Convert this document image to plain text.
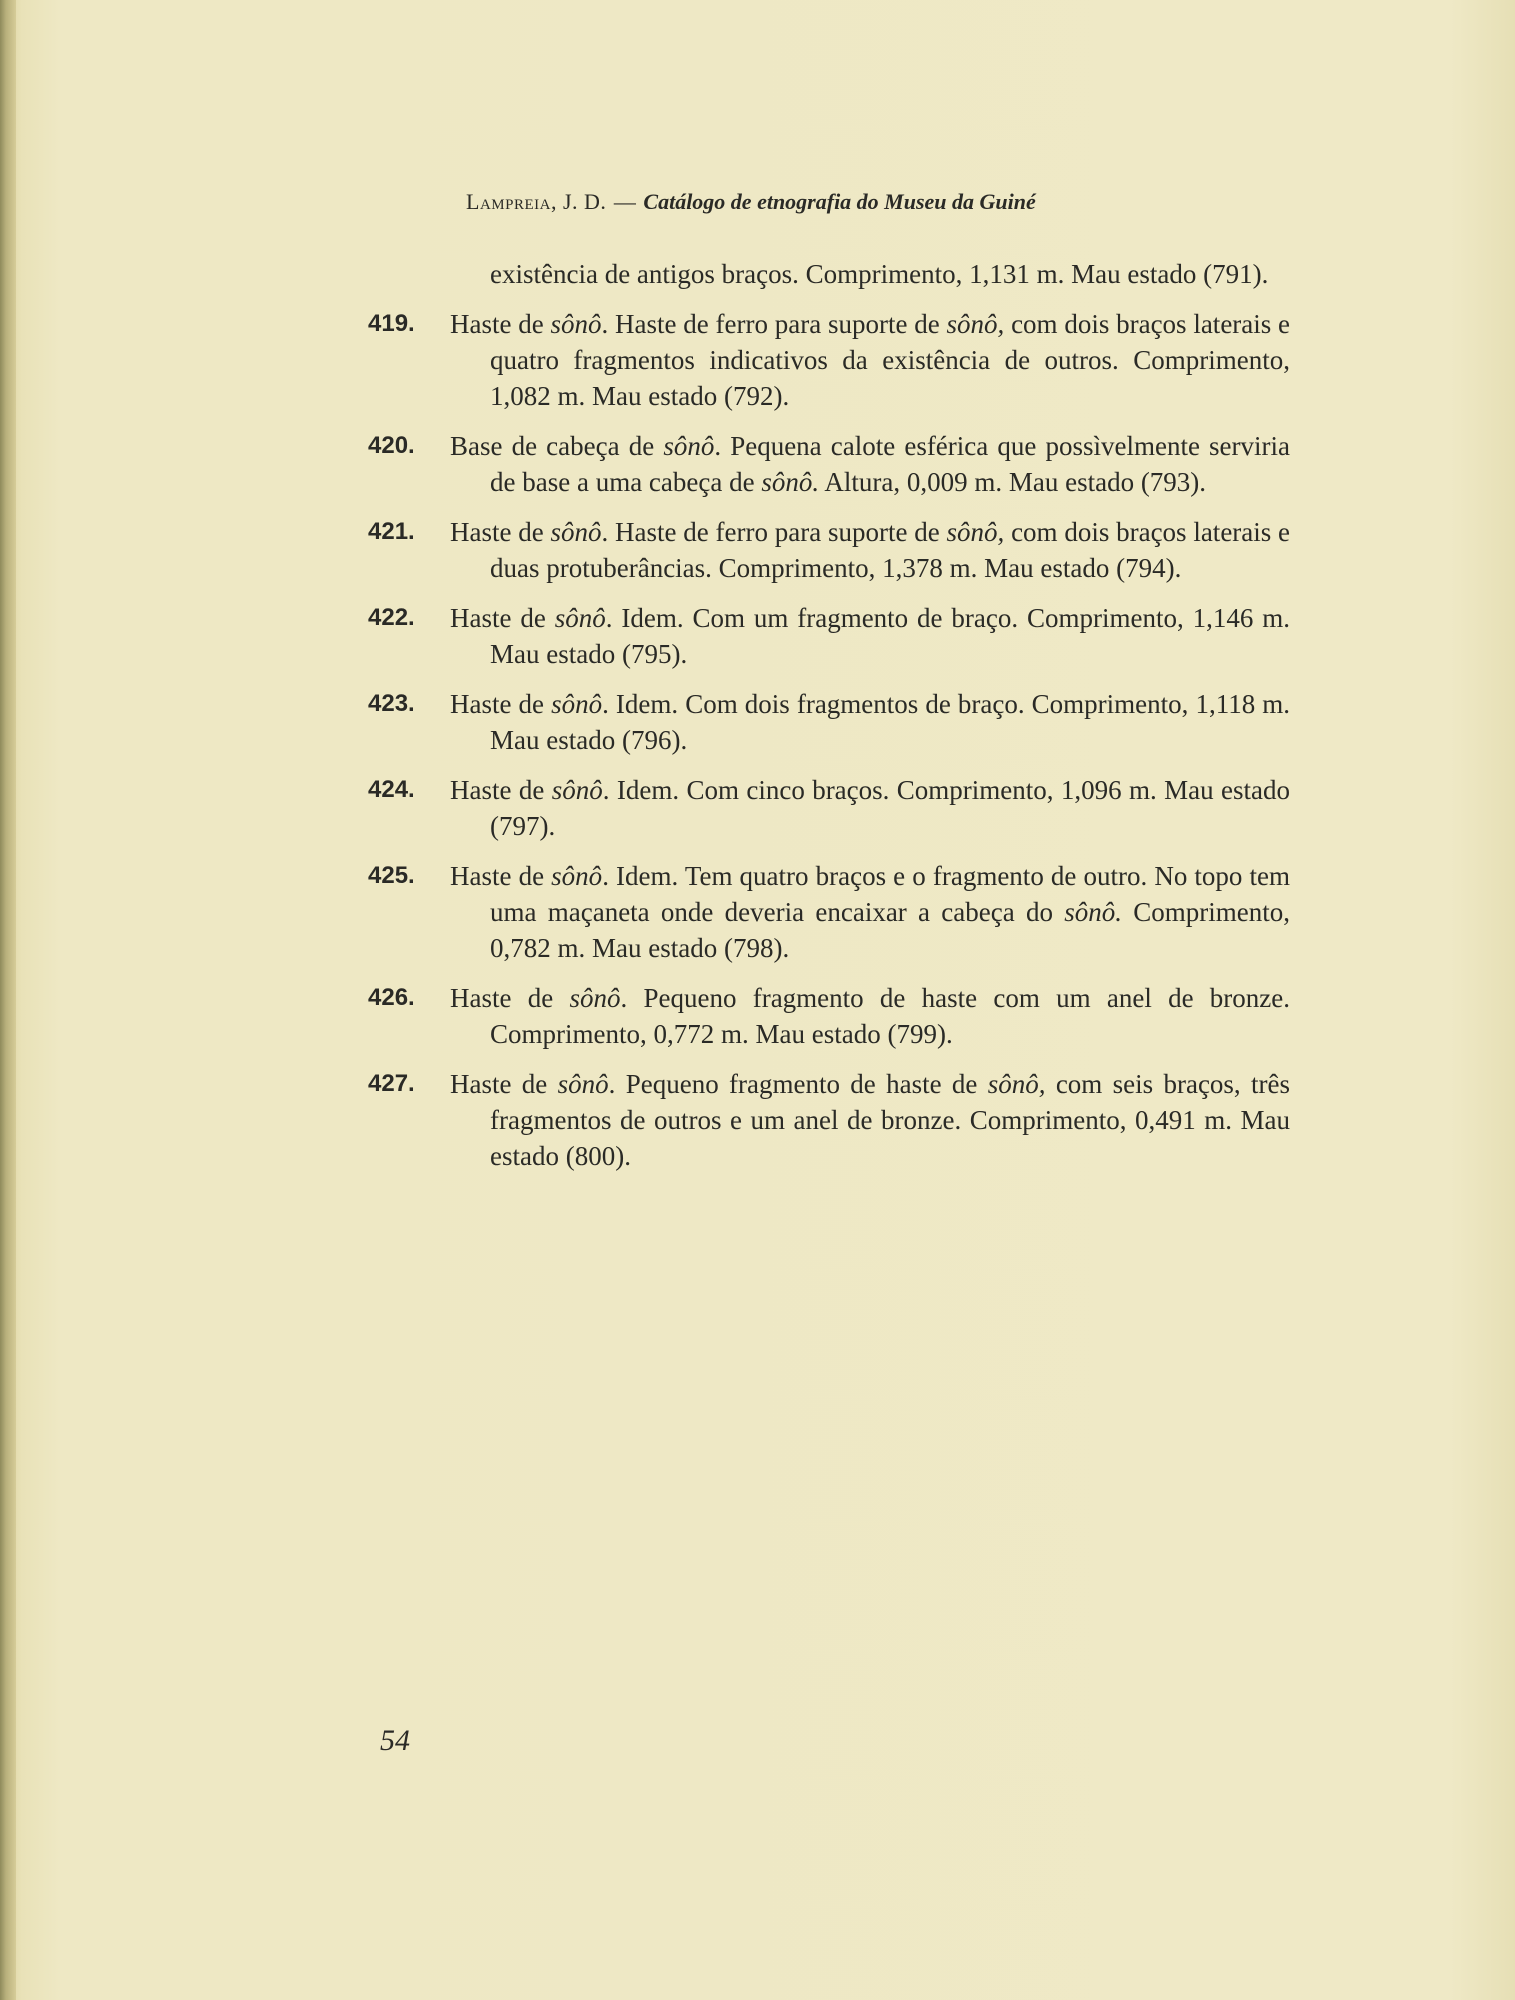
Lampreia, J. D. — Catálogo de etnografia do Museu da Guiné
existência de antigos braços. Comprimento, 1,131 m. Mau estado (791).
419. Haste de sônô. Haste de ferro para suporte de sônô, com dois braços laterais e quatro fragmentos indicativos da existência de outros. Comprimento, 1,082 m. Mau estado (792).
420. Base de cabeça de sônô. Pequena calote esférica que possìvelmente serviria de base a uma cabeça de sônô. Altura, 0,009 m. Mau estado (793).
421. Haste de sônô. Haste de ferro para suporte de sônô, com dois braços laterais e duas protuberâncias. Comprimento, 1,378 m. Mau estado (794).
422. Haste de sônô. Idem. Com um fragmento de braço. Comprimento, 1,146 m. Mau estado (795).
423. Haste de sônô. Idem. Com dois fragmentos de braço. Comprimento, 1,118 m. Mau estado (796).
424. Haste de sônô. Idem. Com cinco braços. Comprimento, 1,096 m. Mau estado (797).
425. Haste de sônô. Idem. Tem quatro braços e o fragmento de outro. No topo tem uma maçaneta onde deveria encaixar a cabeça do sônô. Comprimento, 0,782 m. Mau estado (798).
426. Haste de sônô. Pequeno fragmento de haste com um anel de bronze. Comprimento, 0,772 m. Mau estado (799).
427. Haste de sônô. Pequeno fragmento de haste de sônô, com seis braços, três fragmentos de outros e um anel de bronze. Comprimento, 0,491 m. Mau estado (800).
54
